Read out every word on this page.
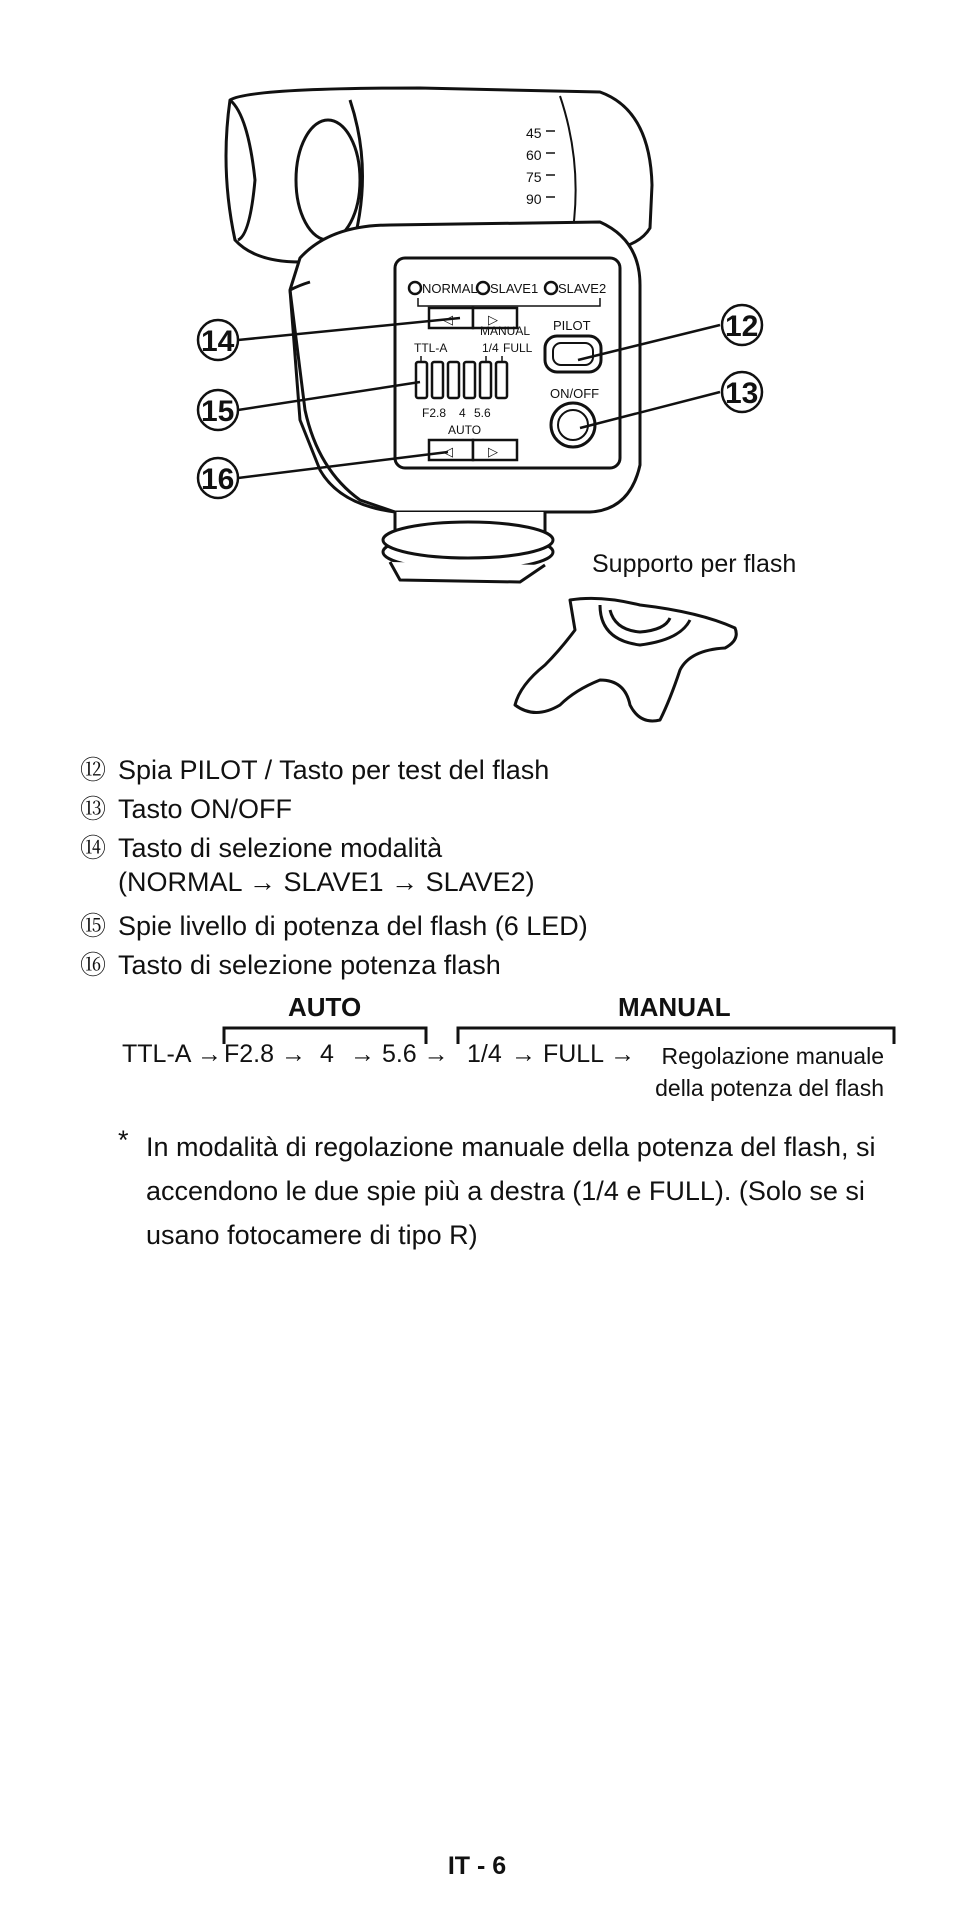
45
60
75
90
NORMAL SLAVE1 SLAVE2
◁	▷	PILOT
ON/OFF
MANUAL
TTL-A	1/4 FULL
F2.8 4 5.6
AUTO
◁	▷
14
15
16
12
13
Supporto per flash
⑫ Spia PILOT / Tasto per test del flash
⑬ Tasto ON/OFF
⑭ Tasto di selezione modalità
(NORMAL → SLAVE1 → SLAVE2)
⑮ Spie livello di potenza del flash (6 LED)
⑯ Tasto di selezione potenza flash
AUTO	MANUAL
TTL-A → F2.8 → 4 → 5.6 → 1/4 → FULL →	Regolazione manuale
della potenza del flash
* In modalità di regolazione manuale della potenza del flash, si accendono le due spie più a destra (1/4 e FULL). (Solo se si usano fotocamere di tipo R)
IT - 6
